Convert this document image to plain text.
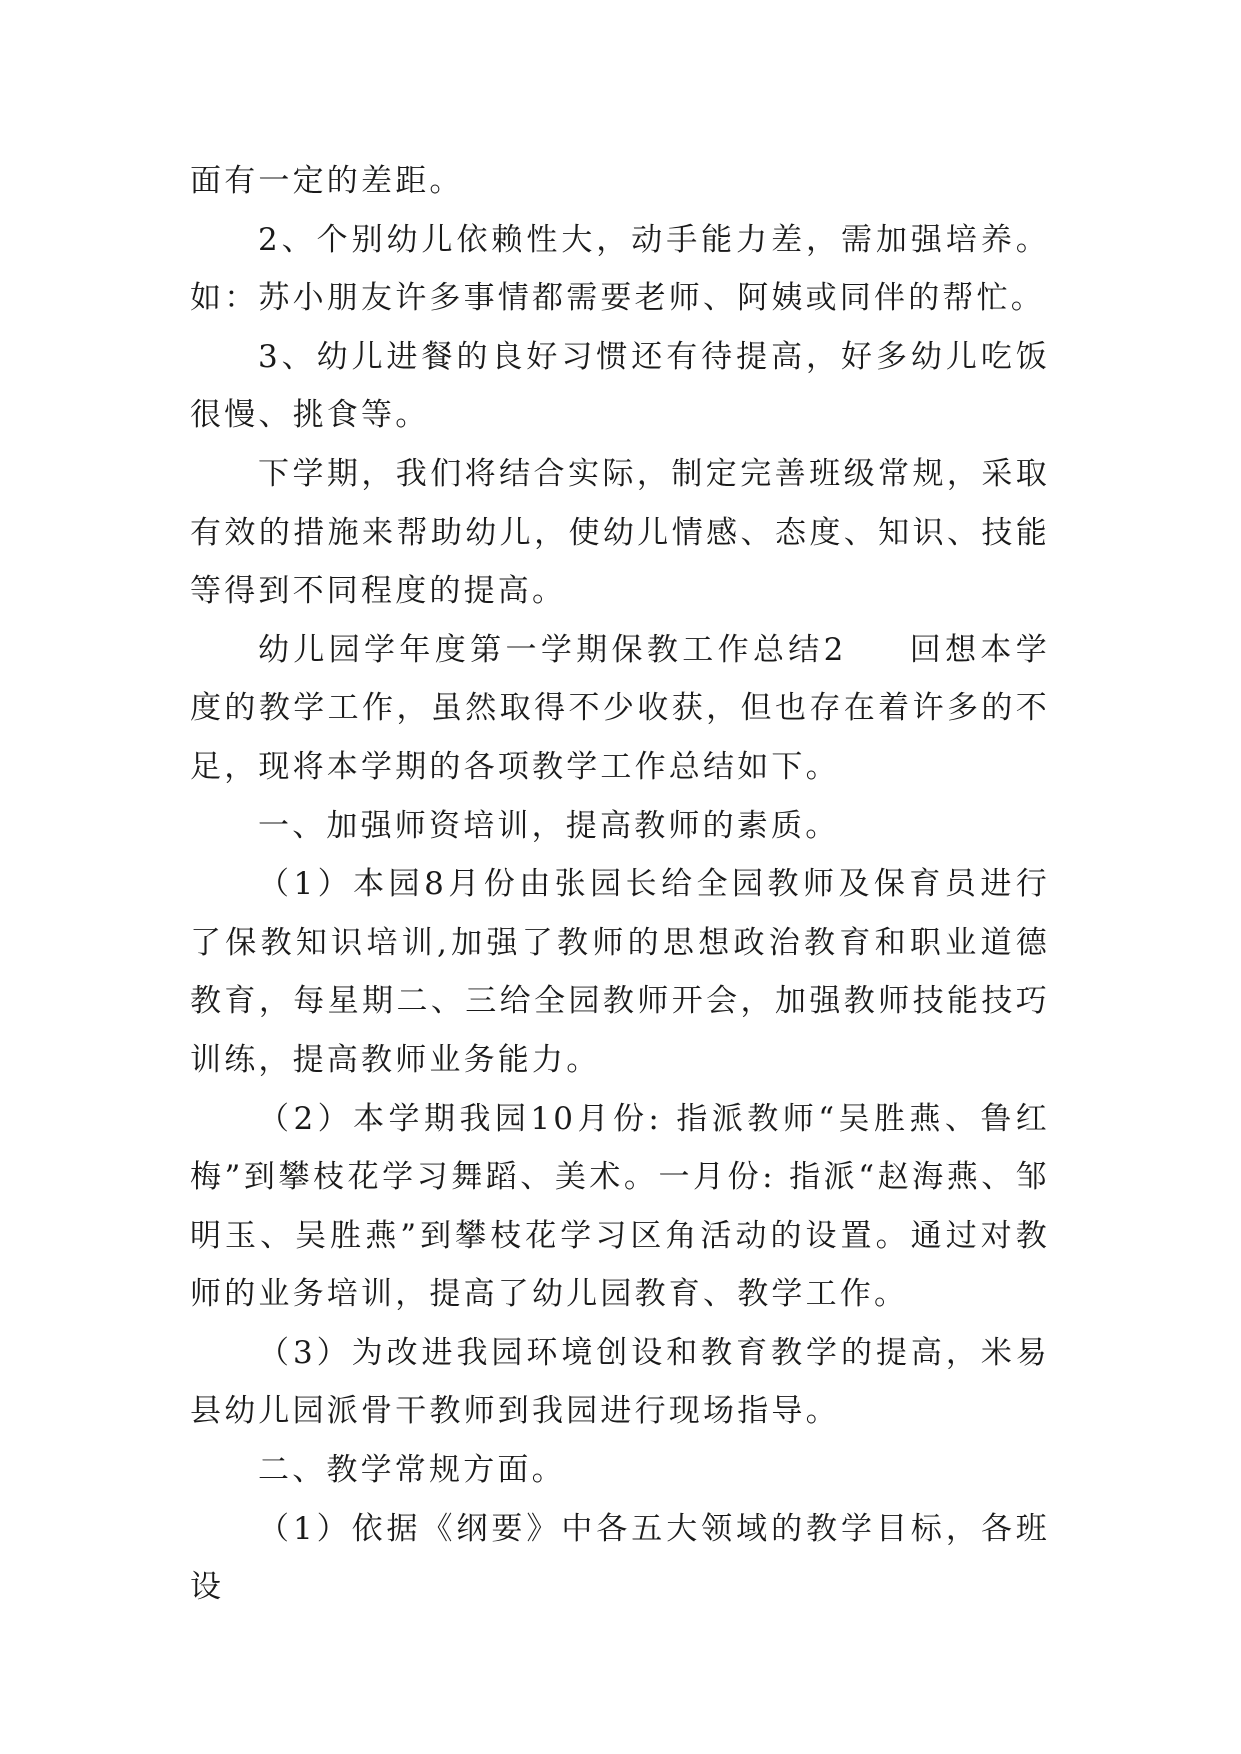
面有一定的差距。

2、个别幼儿依赖性大，动手能力差，需加强培养。如：苏小朋友许多事情都需要老师、阿姨或同伴的帮忙。

3、幼儿进餐的良好习惯还有待提高，好多幼儿吃饭很慢、挑食等。

下学期，我们将结合实际，制定完善班级常规，采取有效的措施来帮助幼儿，使幼儿情感、态度、知识、技能等得到不同程度的提高。

幼儿园学年度第一学期保教工作总结2 回想本学度的教学工作，虽然取得不少收获，但也存在着许多的不足，现将本学期的各项教学工作总结如下。

一、加强师资培训，提高教师的素质。

（1）本园8月份由张园长给全园教师及保育员进行了保教知识培训,加强了教师的思想政治教育和职业道德教育，每星期二、三给全园教师开会，加强教师技能技巧训练，提高教师业务能力。

（2）本学期我园10月份: 指派教师“吴胜燕、鲁红梅”到攀枝花学习舞蹈、美术。一月份: 指派“赵海燕、邹明玉、吴胜燕”到攀枝花学习区角活动的设置。通过对教师的业务培训，提高了幼儿园教育、教学工作。

（3）为改进我园环境创设和教育教学的提高，米易县幼儿园派骨干教师到我园进行现场指导。

二、教学常规方面。

（1）依据《纲要》中各五大领域的教学目标，各班设
